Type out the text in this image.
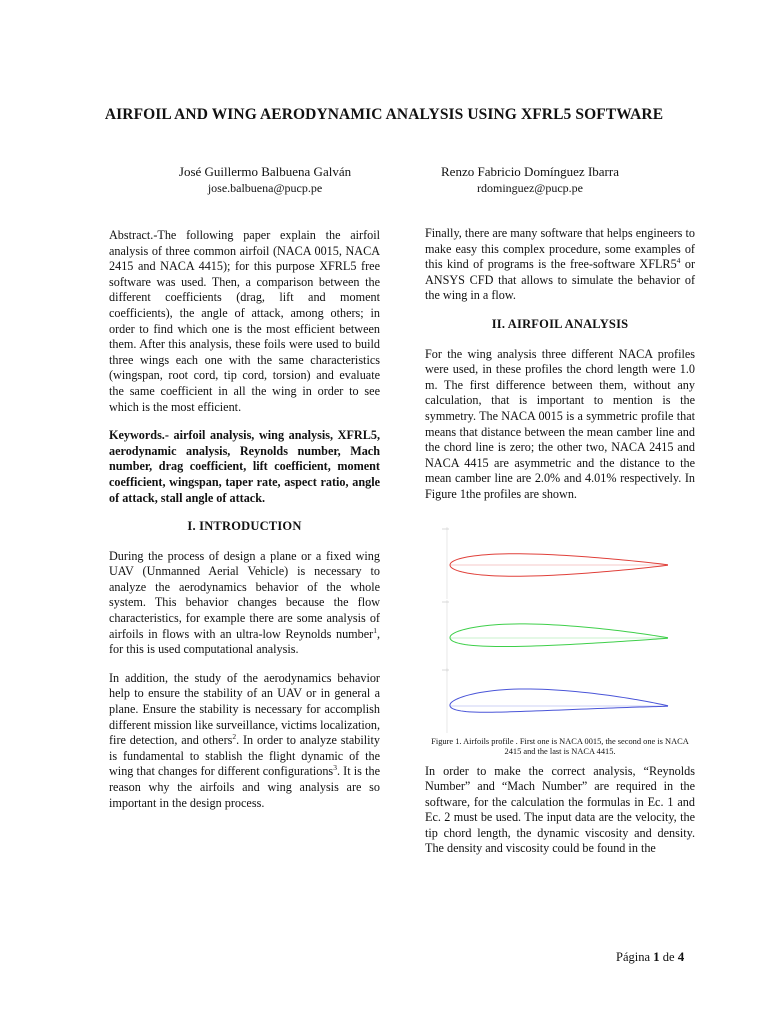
AIRFOIL AND WING AERODYNAMIC ANALYSIS USING XFRL5 SOFTWARE
José Guillermo Balbuena Galván
jose.balbuena@pucp.pe
Renzo Fabricio Domínguez Ibarra
rdominguez@pucp.pe

Abstract.-The following paper explain the airfoil analysis of three common airfoil (NACA 0015, NACA 2415 and NACA 4415); for this purpose XFRL5 free software was used. Then, a comparison between the different coefficients (drag, lift and moment coefficients), the angle of attack, among others; in order to find which one is the most efficient between them. After this analysis, these foils were used to build three wings each one with the same characteristics (wingspan, root cord, tip cord, torsion) and evaluate the same coefficient in all the wing in order to see which is the most efficient.

Keywords.- airfoil analysis, wing analysis, XFRL5, aerodynamic analysis, Reynolds number, Mach number, drag coefficient, lift coefficient, moment coefficient, wingspan, taper rate, aspect ratio, angle of attack, stall angle of attack.

I. INTRODUCTION

During the process of design a plane or a fixed wing UAV (Unmanned Aerial Vehicle) is necessary to analyze the aerodynamics behavior of the whole system. This behavior changes because the flow characteristics, for example there are some analysis of airfoils in flows with an ultra-low Reynolds number$^1$, for this is used computational analysis.

In addition, the study of the aerodynamics behavior help to ensure the stability of an UAV or in general a plane. Ensure the stability is necessary for accomplish different mission like surveillance, victims localization, fire detection, and others$^2$. In order to analyze stability is fundamental to stablish the flight dynamic of the wing that changes for different configurations$^3$. It is the reason why the airfoils and wing analysis are so important in the design process.

Finally, there are many software that helps engineers to make easy this complex procedure, some examples of this kind of programs is the free-software $XFLR5^4$ or ANSYS CFD that allows to simulate the behavior of the wing in a flow.

II. AIRFOIL ANALYSIS

For the wing analysis three different NACA profiles were used, in these profiles the chord length were 1.0 m. The first difference between them, without any calculation, that is important to mention is the symmetry. The NACA 0015 is a symmetric profile that means that distance between the mean camber line and the chord line is zero; the other two, NACA 2415 and NACA 4415 are asymmetric and the distance to the mean camber line are 2.0% and 4.01% respectively. In Figure 1the profiles are shown.

Figure 1. Airfoils profile . First one is NACA 0015, the second one is NACA 2415 and the last is NACA 4415.

In order to make the correct analysis, “Reynolds Number” and “Mach Number” are required in the software, for the calculation the formulas in Ec. 1 and Ec. 2 must be used. The input data are the velocity, the tip chord length, the dynamic viscosity and density. The density and viscosity could be found in the

Página 1 de 4
